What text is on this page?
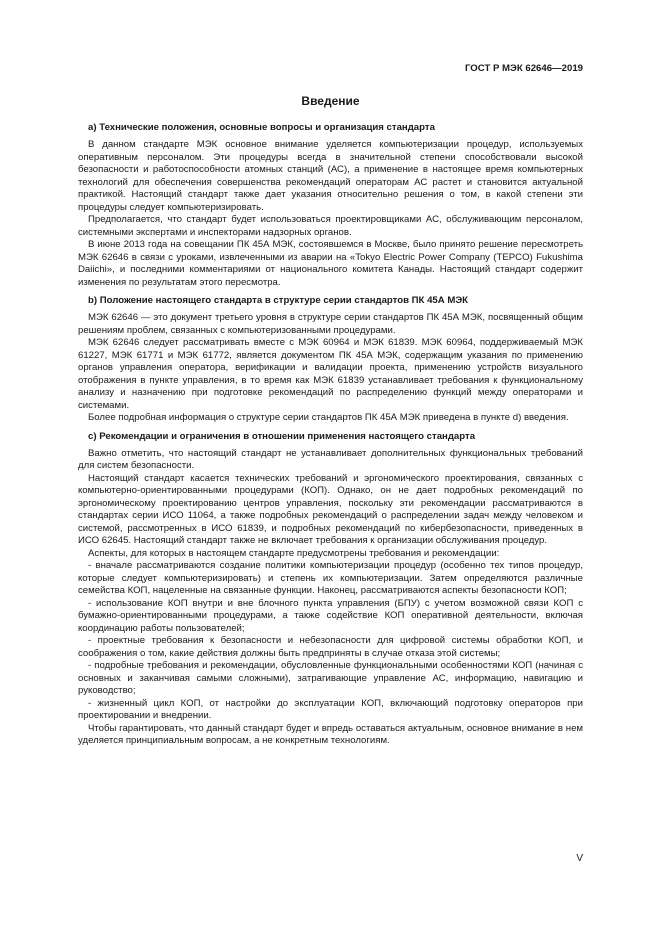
ГОСТ Р МЭК 62646—2019
Введение

a) Технические положения, основные вопросы и организация стандарта

В данном стандарте МЭК основное внимание уделяется компьютеризации процедур, используемых оперативным персоналом. Эти процедуры всегда в значительной степени способствовали высокой безопасности и работоспособности атомных станций (АС), а применение в настоящее время компьютерных технологий для обеспечения совершенства рекомендаций операторам АС растет и становится актуальной практикой. Настоящий стандарт также дает указания относительно решения о том, в какой степени эти процедуры следует компьютеризировать.

Предполагается, что стандарт будет использоваться проектировщиками АС, обслуживающим персоналом, системными экспертами и инспекторами надзорных органов.

В июне 2013 года на совещании ПК 45А МЭК, состоявшемся в Москве, было принято решение пересмотреть МЭК 62646 в связи с уроками, извлеченными из аварии на «Tokyo Electric Power Company (TEPCO) Fukushima Daiichi», и последними комментариями от национального комитета Канады. Настоящий стандарт содержит изменения по результатам этого пересмотра.

b) Положение настоящего стандарта в структуре серии стандартов ПК 45А МЭК

МЭК 62646 — это документ третьего уровня в структуре серии стандартов ПК 45А МЭК, посвященный общим решениям проблем, связанных с компьютеризованными процедурами.

МЭК 62646 следует рассматривать вместе с МЭК 60964 и МЭК 61839. МЭК 60964, поддерживаемый МЭК 61227, МЭК 61771 и МЭК 61772, является документом ПК 45А МЭК, содержащим указания по применению органов управления оператора, верификации и валидации проекта, применению устройств визуального отображения в пункте управления, в то время как МЭК 61839 устанавливает требования к функциональному анализу и назначению при подготовке рекомендаций по распределению функций между операторами и системами.

Более подробная информация о структуре серии стандартов ПК 45А МЭК приведена в пункте d) введения.

c) Рекомендации и ограничения в отношении применения настоящего стандарта

Важно отметить, что настоящий стандарт не устанавливает дополнительных функциональных требований для систем безопасности.

Настоящий стандарт касается технических требований и эргономического проектирования, связанных с компьютерно-ориентированными процедурами (КОП). Однако, он не дает подробных рекомендаций по эргономическому проектированию центров управления, поскольку эти рекомендации рассматриваются в стандартах серии ИСО 11064, а также подробных рекомендаций о распределении задач между человеком и системой, рассмотренных в ИСО 61839, и подробных рекомендаций по кибербезопасности, приведенных в ИСО 62645. Настоящий стандарт также не включает требования к организации обслуживания процедур.

Аспекты, для которых в настоящем стандарте предусмотрены требования и рекомендации:

- вначале рассматриваются создание политики компьютеризации процедур (особенно тех типов процедур, которые следует компьютеризировать) и степень их компьютеризации. Затем определяются различные семейства КОП, нацеленные на связанные функции. Наконец, рассматриваются аспекты безопасности КОП;

- использование КОП внутри и вне блочного пункта управления (БПУ) с учетом возможной связи КОП с бумажно-ориентированными процедурами, а также содействие КОП оперативной деятельности, включая координацию работы пользователей;

- проектные требования к безопасности и небезопасности для цифровой системы обработки КОП, и соображения о том, какие действия должны быть предприняты в случае отказа этой системы;

- подробные требования и рекомендации, обусловленные функциональными особенностями КОП (начиная с основных и заканчивая самыми сложными), затрагивающие управление АС, информацию, навигацию и руководство;

- жизненный цикл КОП, от настройки до эксплуатации КОП, включающий подготовку операторов при проектировании и внедрении.

Чтобы гарантировать, что данный стандарт будет и впредь оставаться актуальным, основное внимание в нем уделяется принципиальным вопросам, а не конкретным технологиям.

V
